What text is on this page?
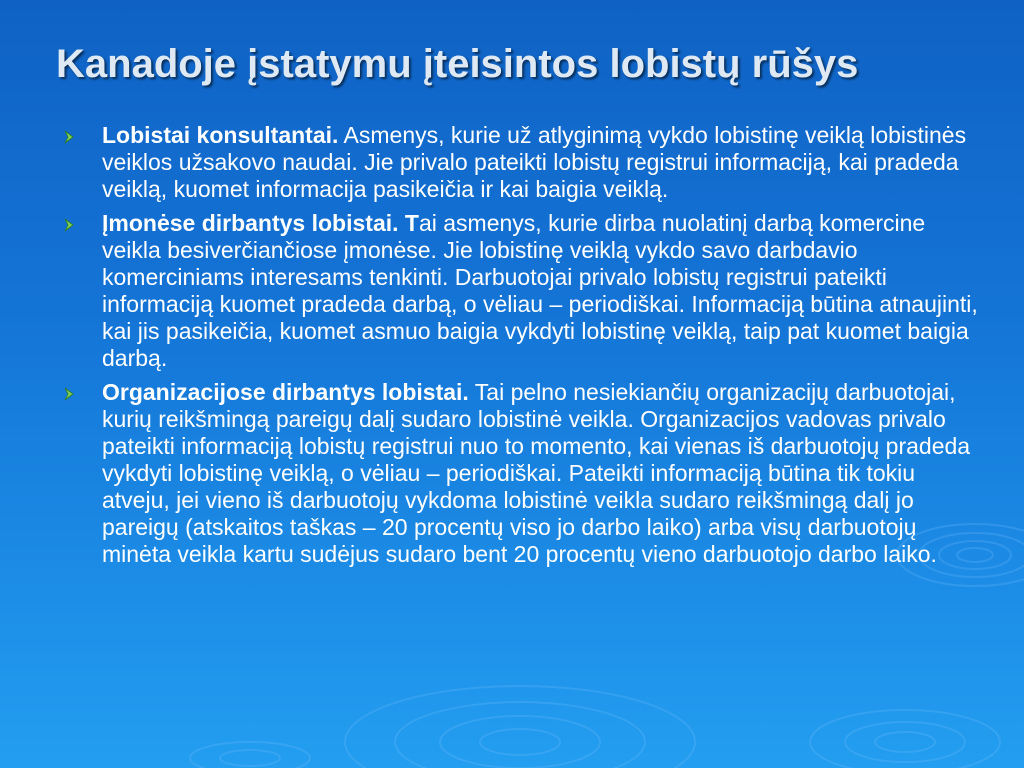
Kanadoje įstatymu įteisintos lobistų rūšys
Lobistai konsultantai. Asmenys, kurie už atlyginimą vykdo lobistinę veiklą lobistinės veiklos užsakovo naudai. Jie privalo pateikti lobistų registrui informaciją, kai pradeda veiklą, kuomet informacija pasikeičia ir kai baigia veiklą.
Įmonėse dirbantys lobistai. Tai asmenys, kurie dirba nuolatinį darbą komercine veikla besiverčiančiose įmonėse. Jie lobistinę veiklą vykdo savo darbdavio komerciniams interesams tenkinti. Darbuotojai privalo lobistų registrui pateikti informaciją kuomet pradeda darbą, o vėliau – periodiškai. Informaciją būtina atnaujinti, kai jis pasikeičia, kuomet asmuo baigia vykdyti lobistinę veiklą, taip pat kuomet baigia darbą.
Organizacijose dirbantys lobistai. Tai pelno nesiekiančių organizacijų darbuotojai, kurių reikšmingą pareigų dalį sudaro lobistinė veikla. Organizacijos vadovas privalo pateikti informaciją lobistų registrui nuo to momento, kai vienas iš darbuotojų pradeda vykdyti lobistinę veiklą, o vėliau – periodiškai. Pateikti informaciją būtina tik tokiu atveju, jei vieno iš darbuotojų vykdoma lobistinė veikla sudaro reikšmingą dalį jo pareigų (atskaitos taškas – 20 procentų viso jo darbo laiko) arba visų darbuotojų minėta veikla kartu sudėjus sudaro bent 20 procentų vieno darbuotojo darbo laiko.
